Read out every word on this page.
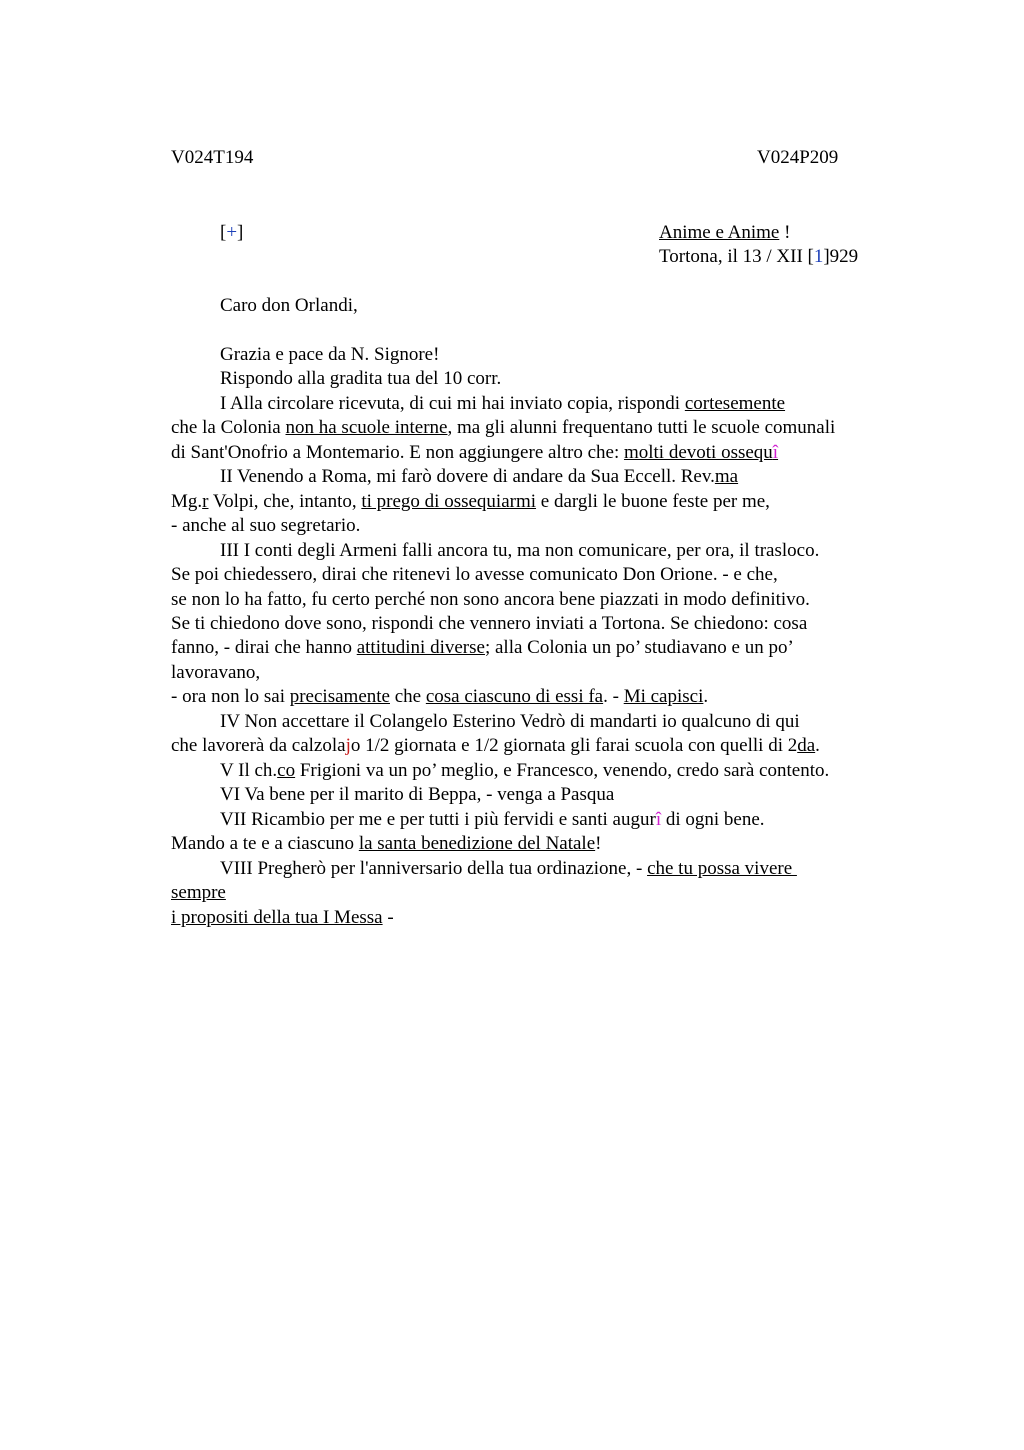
V024T194	V024P209
[+]	Anime e Anime !
Tortona, il 13 / XII [1]929
Caro don Orlandi,
Grazia e pace da N. Signore!
Rispondo alla gradita tua del 10 corr.
I Alla circolare ricevuta, di cui mi hai inviato copia, rispondi cortesemente
che la Colonia non ha scuole interne, ma gli alunni frequentano tutti le scuole comunali
di Sant'Onofrio a Montemario. E non aggiungere altro che: molti devoti ossequî
II Venendo a Roma, mi farò dovere di andare da Sua Eccell. Rev.ma
Mg.r Volpi, che, intanto, ti prego di ossequiarmi e dargli le buone feste per me,
- anche al suo segretario.
III I conti degli Armeni falli ancora tu, ma non comunicare, per ora, il trasloco.
Se poi chiedessero, dirai che ritenevi lo avesse comunicato Don Orione. - e che,
se non lo ha fatto, fu certo perché non sono ancora bene piazzati in modo definitivo.
Se ti chiedono dove sono, rispondi che vennero inviati a Tortona. Se chiedono: cosa
fanno, - dirai che hanno attitudini diverse; alla Colonia un po’ studiavano e un po’
lavoravano,
- ora non lo sai precisamente che cosa ciascuno di essi fa. - Mi capisci.
IV Non accettare il Colangelo Esterino Vedrò di mandarti io qualcuno di qui
che lavorerà da calzolajo 1/2 giornata e 1/2 giornata gli farai scuola con quelli di 2da.
V Il ch.co Frigioni va un po’ meglio, e Francesco, venendo, credo sarà contento.
VI Va bene per il marito di Beppa, - venga a Pasqua
VII Ricambio per me e per tutti i più fervidi e santi augurî di ogni bene.
Mando a te e a ciascuno la santa benedizione del Natale!
VIII Pregherò per l'anniversario della tua ordinazione, - che tu possa vivere
sempre
i propositi della tua I Messa -
